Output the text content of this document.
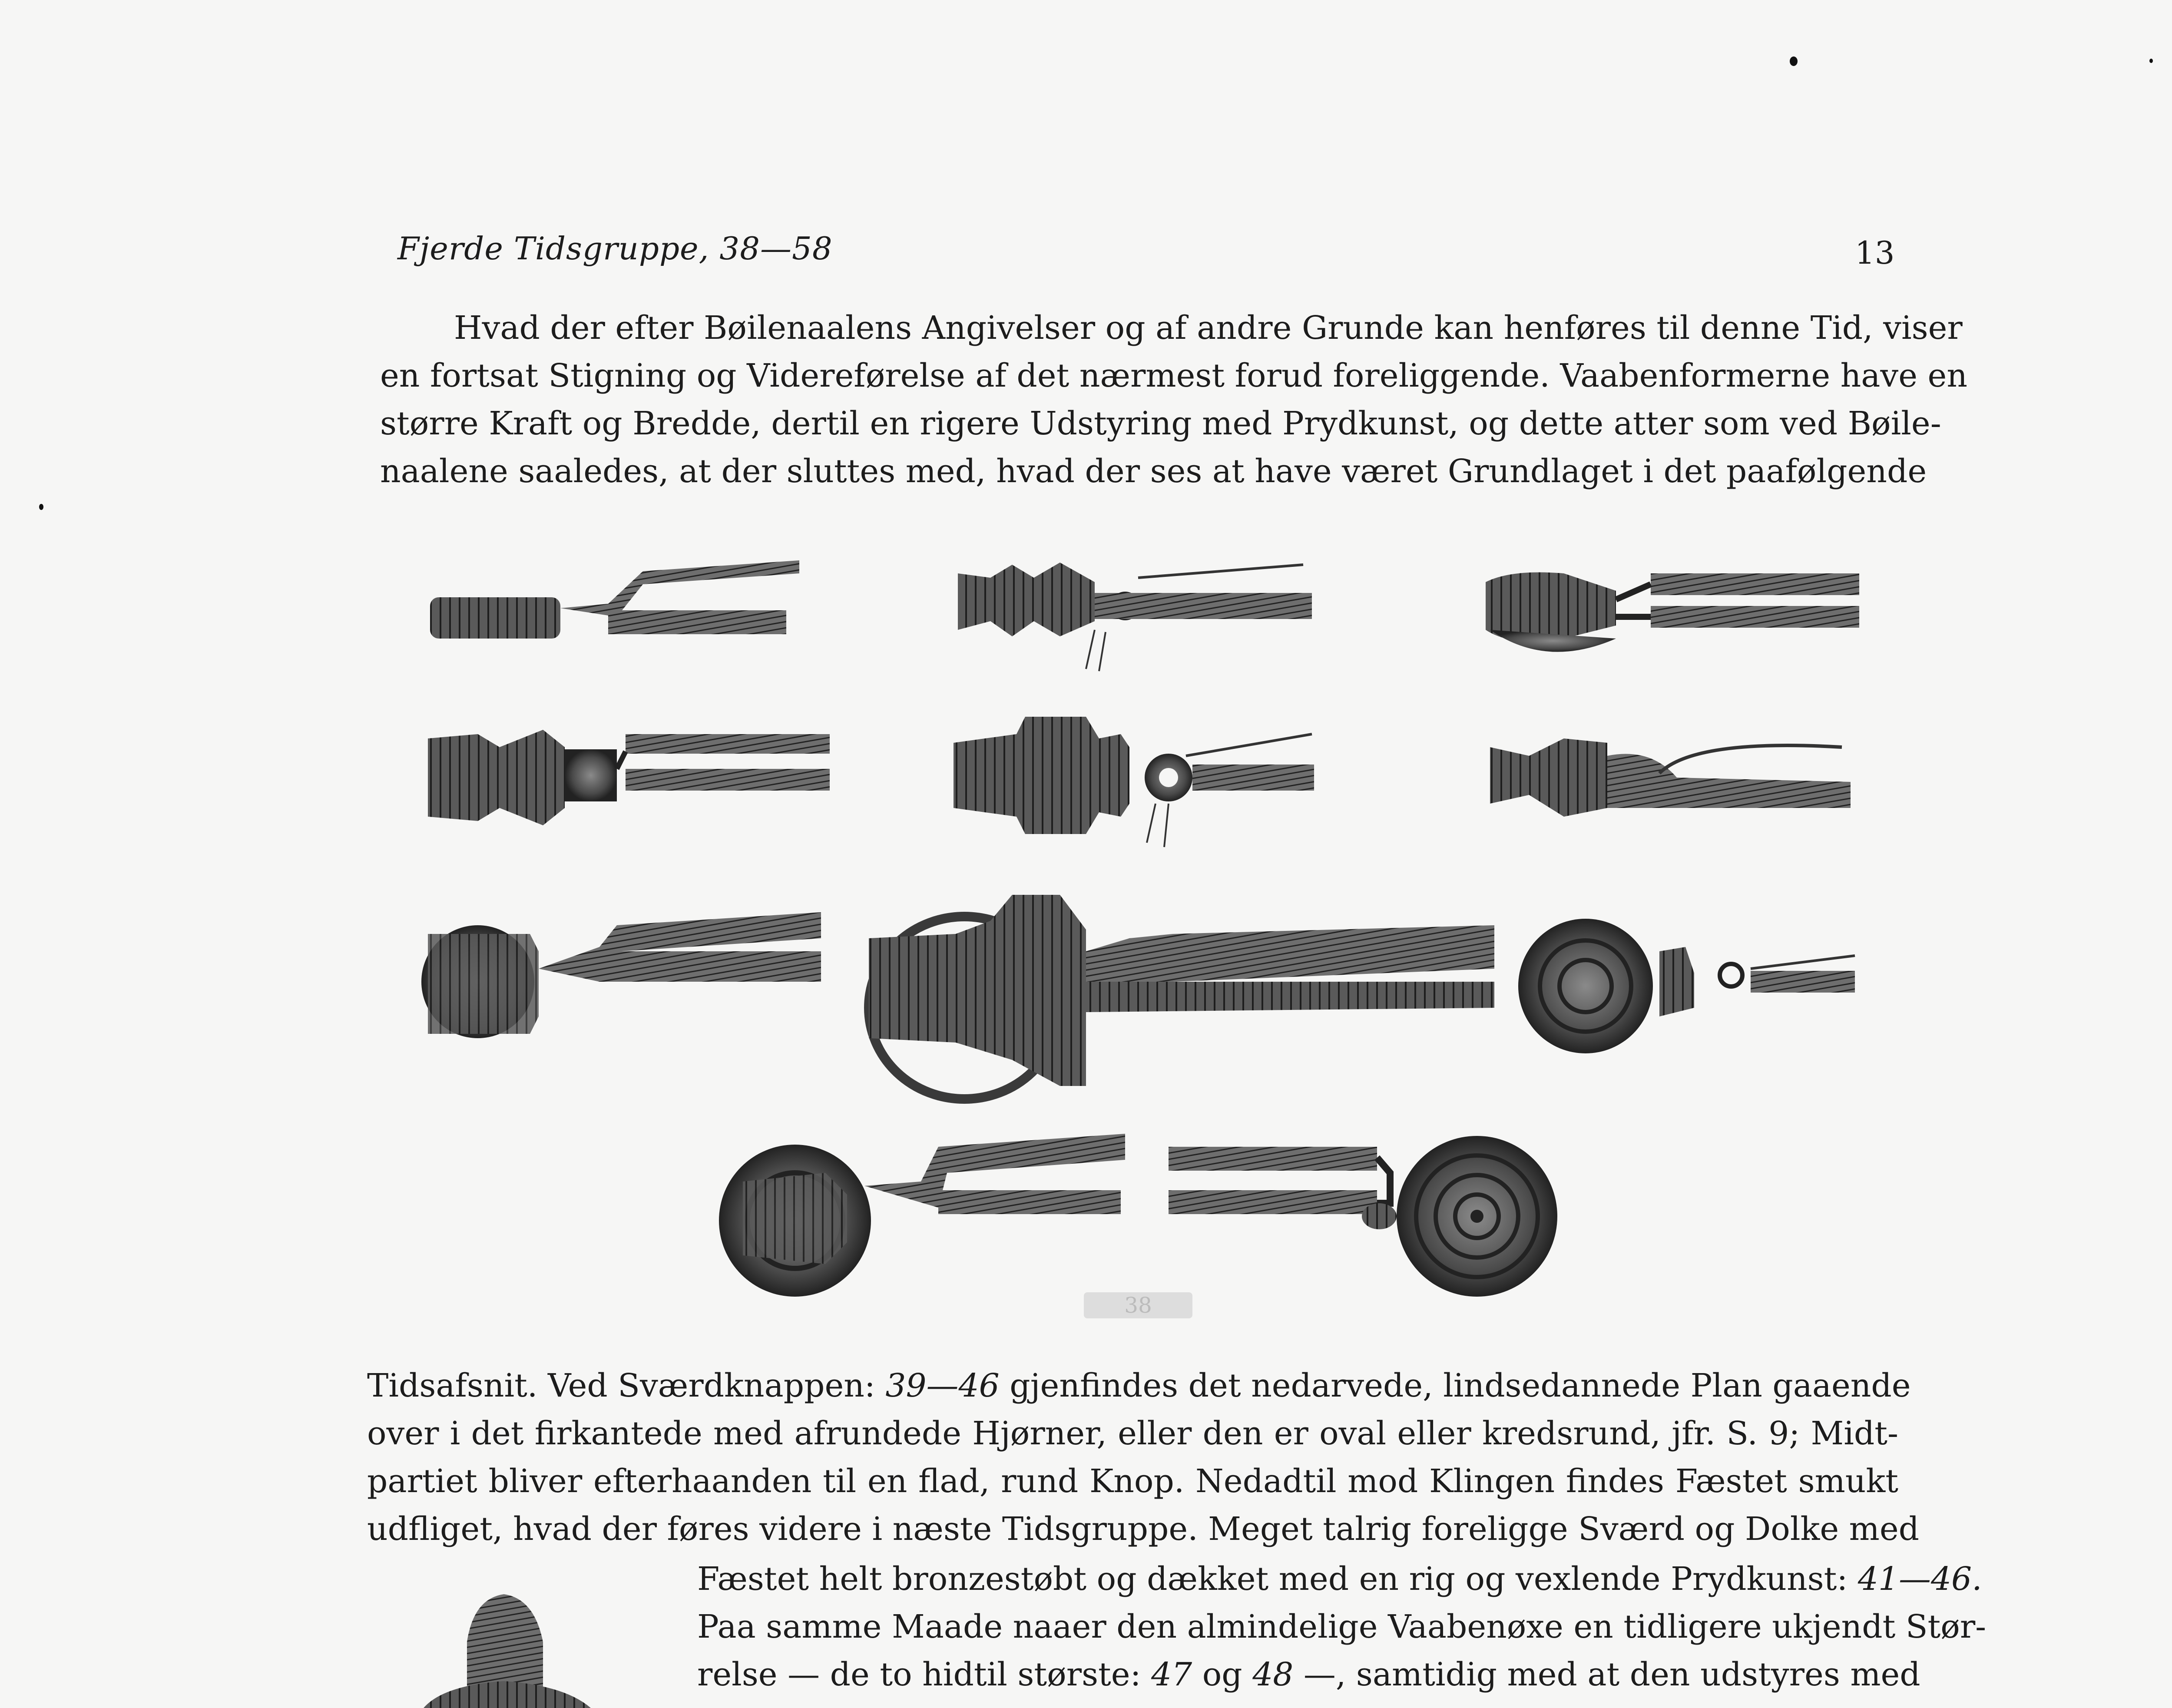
Fjerde Tidsgruppe, 38—58	13
Hvad der efter Bøilenaalens Angivelser og af andre Grunde kan henføres til denne Tid, viser
en fortsat Stigning og Videreførelse af det nærmest forud foreliggende. Vaabenformerne have en
større Kraft og Bredde, dertil en rigere Udstyring med Prydkunst, og dette atter som ved Bøile-
naalene saaledes, at der sluttes med, hvad der ses at have været Grundlaget i det paafølgende
38
Tidsafsnit. Ved Sværdknappen: 39—46 gjenfindes det nedarvede, lindsedannede Plan gaaende
over i det firkantede med afrundede Hjørner, eller den er oval eller kredsrund, jfr. S. 9; Midt-
partiet bliver efterhaanden til en flad, rund Knop. Nedadtil mod Klingen findes Fæstet smukt
udfliget, hvad der føres videre i næste Tidsgruppe. Meget talrig foreligge Sværd og Dolke med
Fæstet helt bronzestøbt og dækket med en rig og vexlende Prydkunst: 41—46.
Paa samme Maade naaer den almindelige Vaabenøxe en tidligere ukjendt Stør-
relse — de to hidtil største: 47 og 48 —, samtidig med at den udstyres med
